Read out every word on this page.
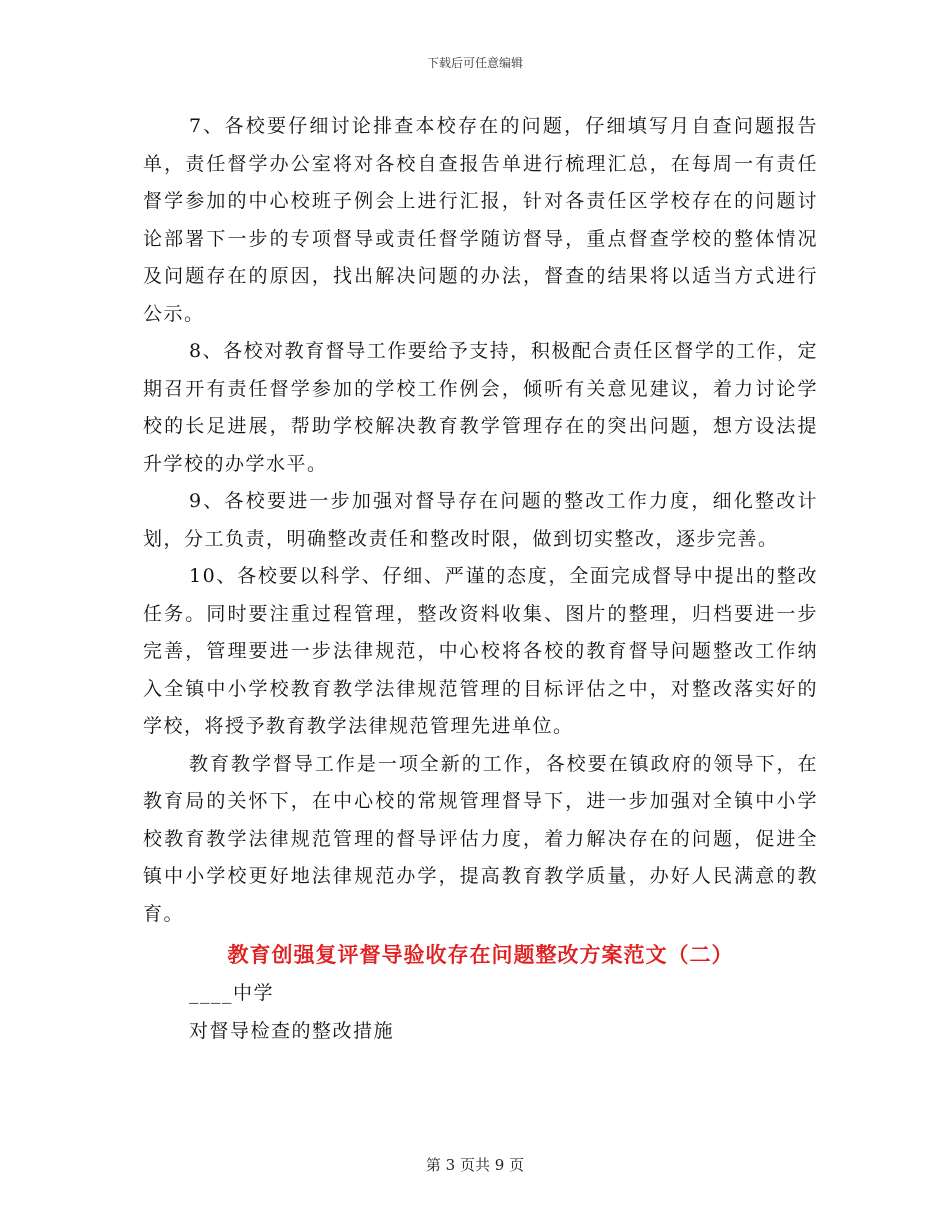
下载后可任意编辑

7、各校要仔细讨论排查本校存在的问题，仔细填写月自查问题报告单，责任督学办公室将对各校自查报告单进行梳理汇总，在每周一有责任督学参加的中心校班子例会上进行汇报，针对各责任区学校存在的问题讨论部署下一步的专项督导或责任督学随访督导，重点督查学校的整体情况及问题存在的原因，找出解决问题的办法，督查的结果将以适当方式进行公示。

8、各校对教育督导工作要给予支持，积极配合责任区督学的工作，定期召开有责任督学参加的学校工作例会，倾听有关意见建议，着力讨论学校的长足进展，帮助学校解决教育教学管理存在的突出问题，想方设法提升学校的办学水平。

9、各校要进一步加强对督导存在问题的整改工作力度，细化整改计划，分工负责，明确整改责任和整改时限，做到切实整改，逐步完善。

10、各校要以科学、仔细、严谨的态度，全面完成督导中提出的整改任务。同时要注重过程管理，整改资料收集、图片的整理，归档要进一步完善，管理要进一步法律规范，中心校将各校的教育督导问题整改工作纳入全镇中小学校教育教学法律规范管理的目标评估之中，对整改落实好的学校，将授予教育教学法律规范管理先进单位。

教育教学督导工作是一项全新的工作，各校要在镇政府的领导下，在教育局的关怀下，在中心校的常规管理督导下，进一步加强对全镇中小学校教育教学法律规范管理的督导评估力度，着力解决存在的问题，促进全镇中小学校更好地法律规范办学，提高教育教学质量，办好人民满意的教育。

教育创强复评督导验收存在问题整改方案范文（二）

____中学

对督导检查的整改措施

第 3 页共 9 页
